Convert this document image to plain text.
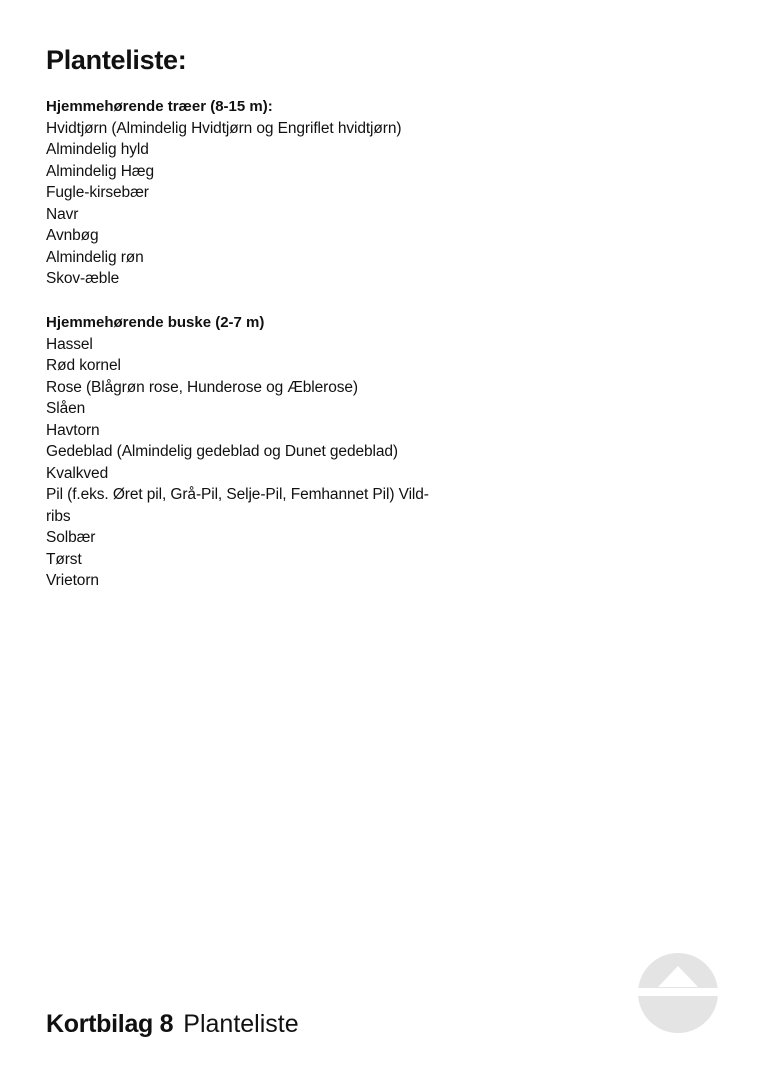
Planteliste:
Hjemmehørende træer (8-15 m):
Hvidtjørn (Almindelig Hvidtjørn og Engriflet hvidtjørn)
Almindelig hyld
Almindelig Hæg
Fugle-kirsebær
Navr
Avnbøg
Almindelig røn
Skov-æble
Hjemmehørende buske (2-7 m)
Hassel
Rød kornel
Rose (Blågrøn rose, Hunderose og Æblerose)
Slåen
Havtorn
Gedeblad (Almindelig gedeblad og Dunet gedeblad)
Kvalkved
Pil (f.eks. Øret pil, Grå-Pil, Selje-Pil, Femhannet Pil) Vild-
ribs
Solbær
Tørst
Vrietorn
Kortbilag 8 Planteliste
